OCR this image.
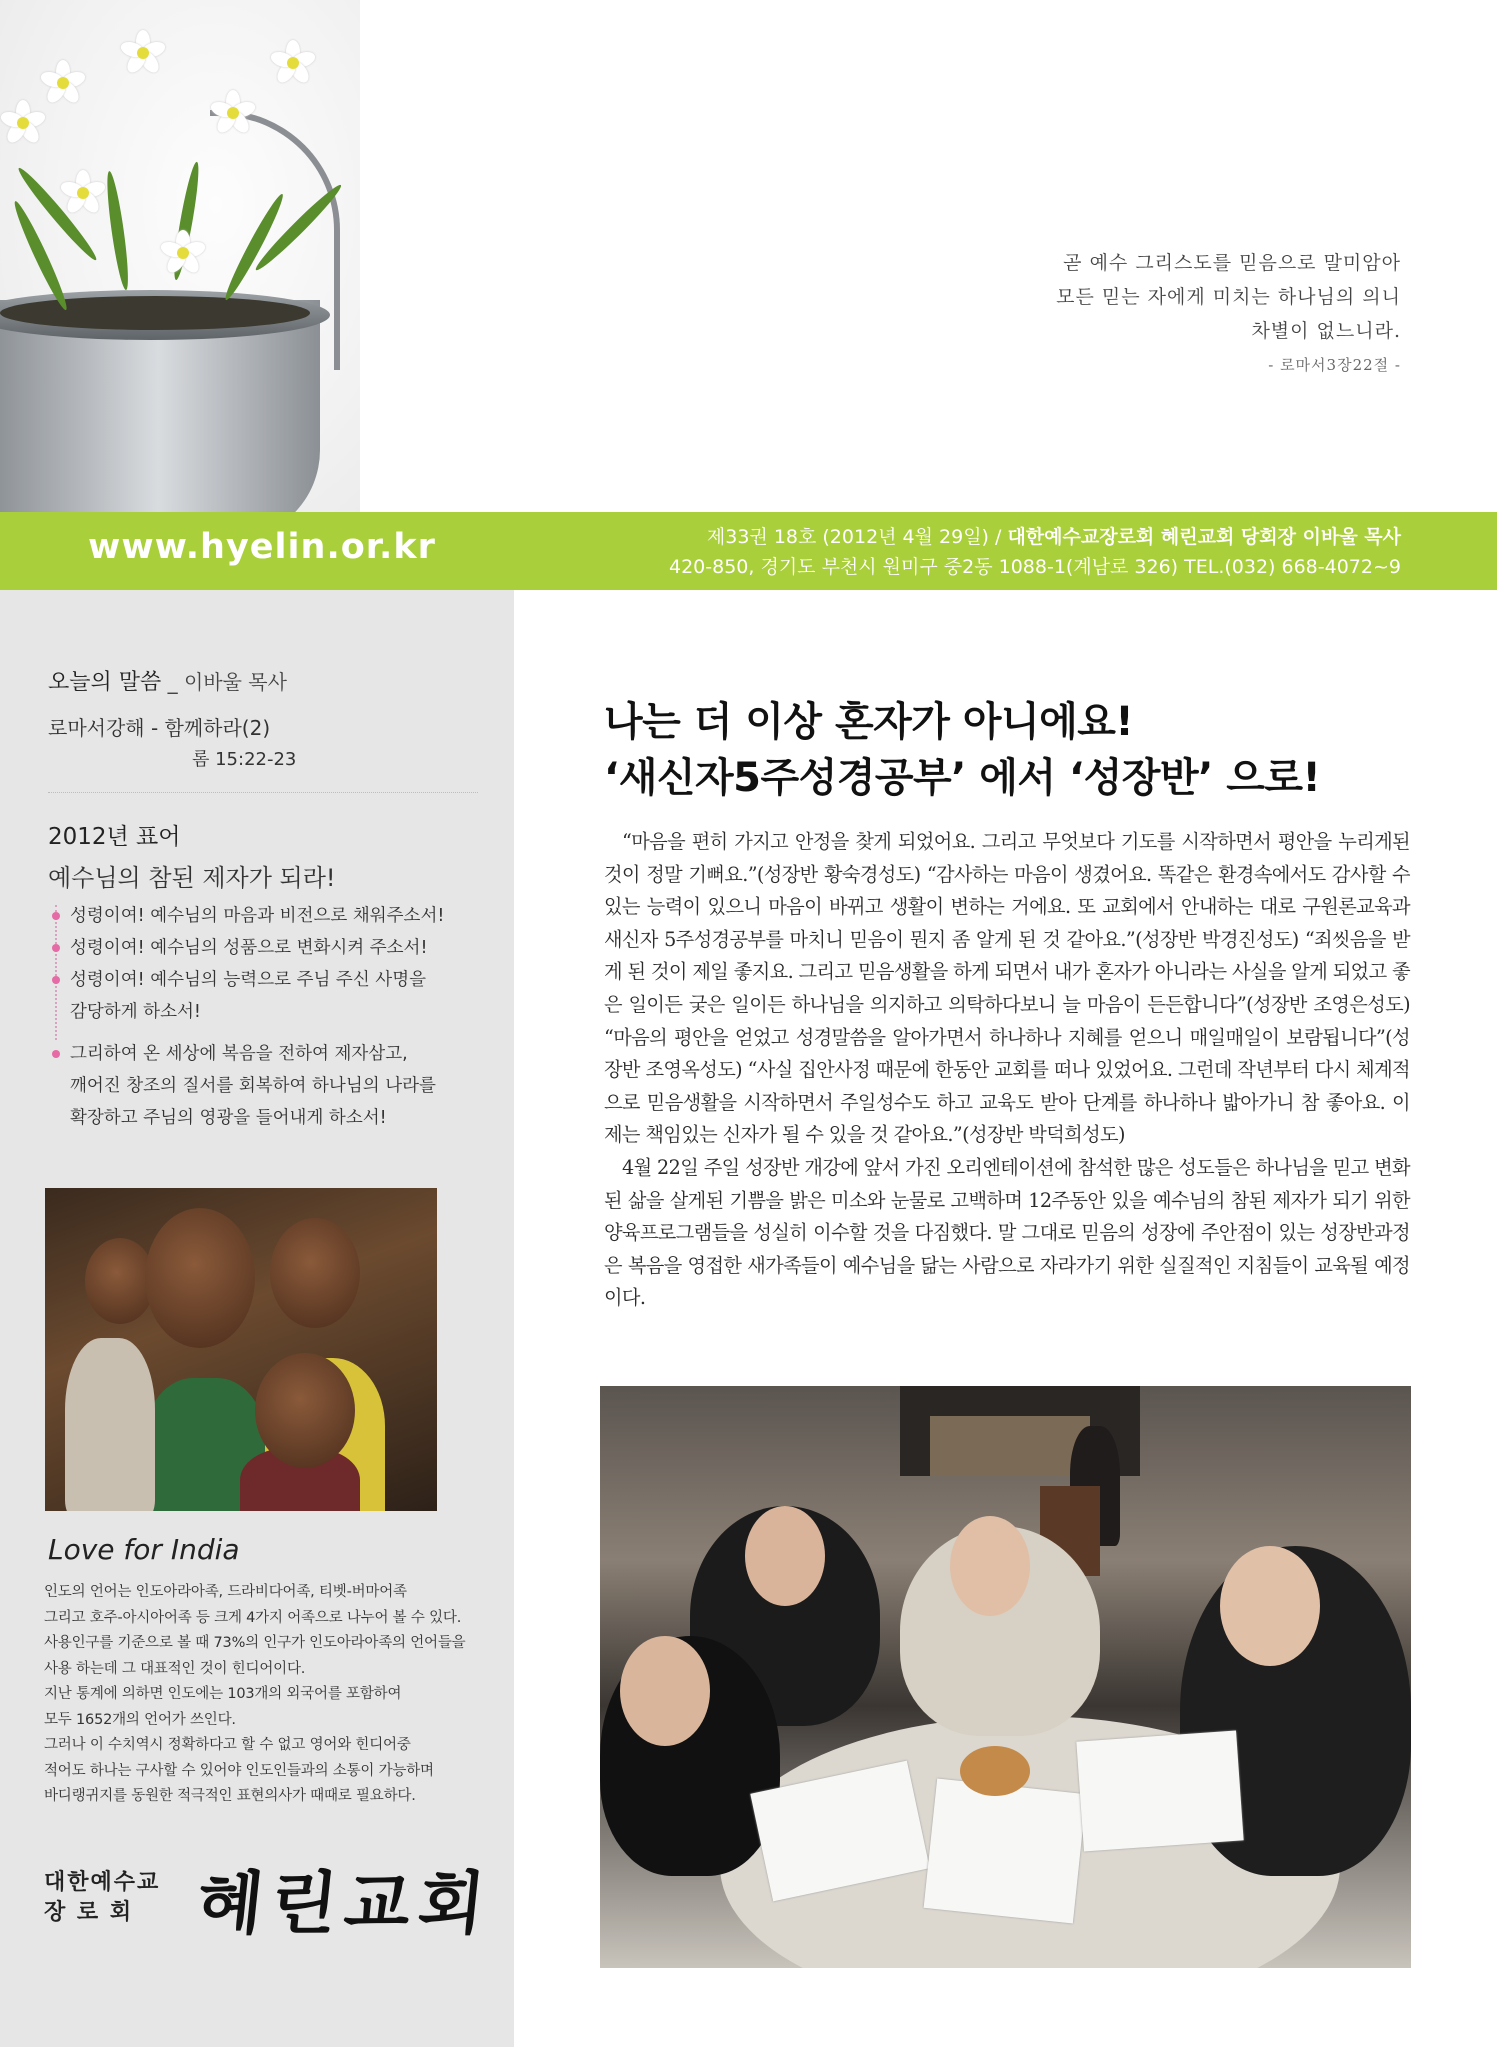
곧 예수 그리스도를 믿음으로 말미암아
모든 믿는 자에게 미치는 하나님의 의니
차별이 없느니라.
- 로마서3장22절 -
www.hyelin.or.kr	제33권 18호 (2012년 4월 29일) / 대한예수교장로회 혜린교회 당회장 이바울 목사
420-850, 경기도 부천시 원미구 중2동 1088-1(계남로 326) TEL.(032) 668-4072~9
오늘의 말씀 _ 이바울 목사
로마서강해 - 함께하라(2)
롬 15:22-23
2012년 표어
예수님의 참된 제자가 되라!
성령이여! 예수님의 마음과 비전으로 채워주소서!
성령이여! 예수님의 성품으로 변화시켜 주소서!
성령이여! 예수님의 능력으로 주님 주신 사명을
감당하게 하소서!
그리하여 온 세상에 복음을 전하여 제자삼고,
깨어진 창조의 질서를 회복하여 하나님의 나라를
확장하고 주님의 영광을 들어내게 하소서!
Love for India
인도의 언어는 인도아라아족, 드라비다어족, 티벳-버마어족
그리고 호주-아시아어족 등 크게 4가지 어족으로 나누어 볼 수 있다.
사용인구를 기준으로 볼 때 73%의 인구가 인도아라아족의 언어들을
사용 하는데 그 대표적인 것이 힌디어이다.
지난 통계에 의하면 인도에는 103개의 외국어를 포함하여
모두 1652개의 언어가 쓰인다.
그러나 이 수치역시 정확하다고 할 수 없고 영어와 힌디어중
적어도 하나는 구사할 수 있어야 인도인들과의 소통이 가능하며
바디랭귀지를 동원한 적극적인 표현의사가 때때로 필요하다.
대한예수교
장 로 회 혜린교회
나는 더 이상 혼자가 아니에요!
‘새신자5주성경공부’ 에서 ‘성장반’ 으로!

“마음을 편히 가지고 안정을 찾게 되었어요. 그리고 무엇보다 기도를 시작하면서 평안을 누리게된 것이 정말 기뻐요.”(성장반 황숙경성도) “감사하는 마음이 생겼어요. 똑같은 환경속에서도 감사할 수 있는 능력이 있으니 마음이 바뀌고 생활이 변하는 거에요. 또 교회에서 안내하는 대로 구원론교육과 새신자 5주성경공부를 마치니 믿음이 뭔지 좀 알게 된 것 같아요.”(성장반 박경진성도) “죄씻음을 받게 된 것이 제일 좋지요. 그리고 믿음생활을 하게 되면서 내가 혼자가 아니라는 사실을 알게 되었고 좋은 일이든 궂은 일이든 하나님을 의지하고 의탁하다보니 늘 마음이 든든합니다”(성장반 조영은성도) “마음의 평안을 얻었고 성경말씀을 알아가면서 하나하나 지혜를 얻으니 매일매일이 보람됩니다”(성장반 조영옥성도) “사실 집안사정 때문에 한동안 교회를 떠나 있었어요. 그런데 작년부터 다시 체계적으로 믿음생활을 시작하면서 주일성수도 하고 교육도 받아 단계를 하나하나 밟아가니 참 좋아요. 이제는 책임있는 신자가 될 수 있을 것 같아요.”(성장반 박덕희성도)

4월 22일 주일 성장반 개강에 앞서 가진 오리엔테이션에 참석한 많은 성도들은 하나님을 믿고 변화된 삶을 살게된 기쁨을 밝은 미소와 눈물로 고백하며 12주동안 있을 예수님의 참된 제자가 되기 위한 양육프로그램들을 성실히 이수할 것을 다짐했다. 말 그대로 믿음의 성장에 주안점이 있는 성장반과정은 복음을 영접한 새가족들이 예수님을 닮는 사람으로 자라가기 위한 실질적인 지침들이 교육될 예정이다.
